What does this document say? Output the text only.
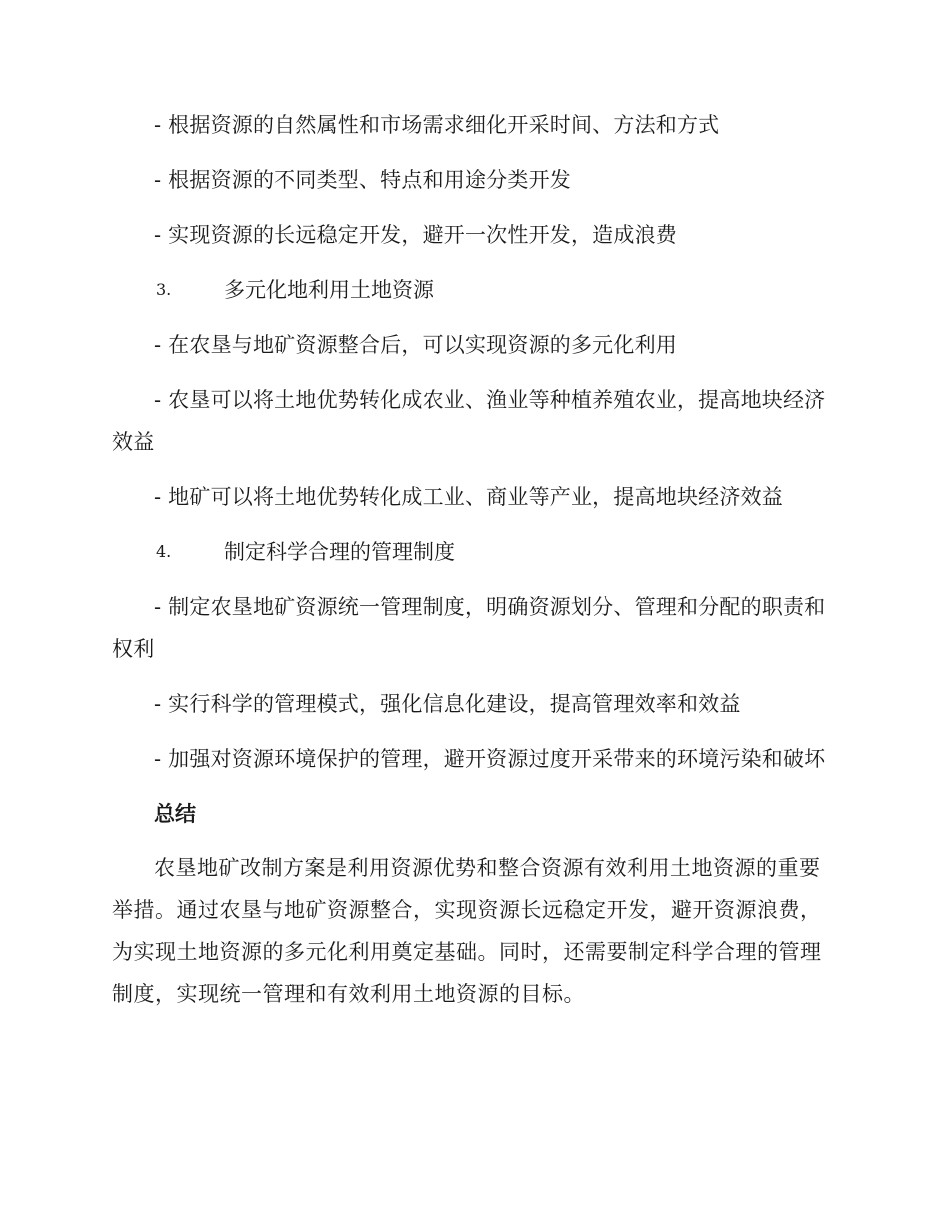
- 根据资源的自然属性和市场需求细化开采时间、方法和方式

- 根据资源的不同类型、特点和用途分类开发

- 实现资源的长远稳定开发，避开一次性开发，造成浪费

3.	多元化地利用土地资源

- 在农垦与地矿资源整合后，可以实现资源的多元化利用

- 农垦可以将土地优势转化成农业、渔业等种植养殖农业，提高地块经济效益

- 地矿可以将土地优势转化成工业、商业等产业，提高地块经济效益

4.	制定科学合理的管理制度

- 制定农垦地矿资源统一管理制度，明确资源划分、管理和分配的职责和权利

- 实行科学的管理模式，强化信息化建设，提高管理效率和效益

- 加强对资源环境保护的管理，避开资源过度开采带来的环境污染和破坏

总结

农垦地矿改制方案是利用资源优势和整合资源有效利用土地资源的重要举措。通过农垦与地矿资源整合，实现资源长远稳定开发，避开资源浪费，为实现土地资源的多元化利用奠定基础。同时，还需要制定科学合理的管理制度，实现统一管理和有效利用土地资源的目标。
